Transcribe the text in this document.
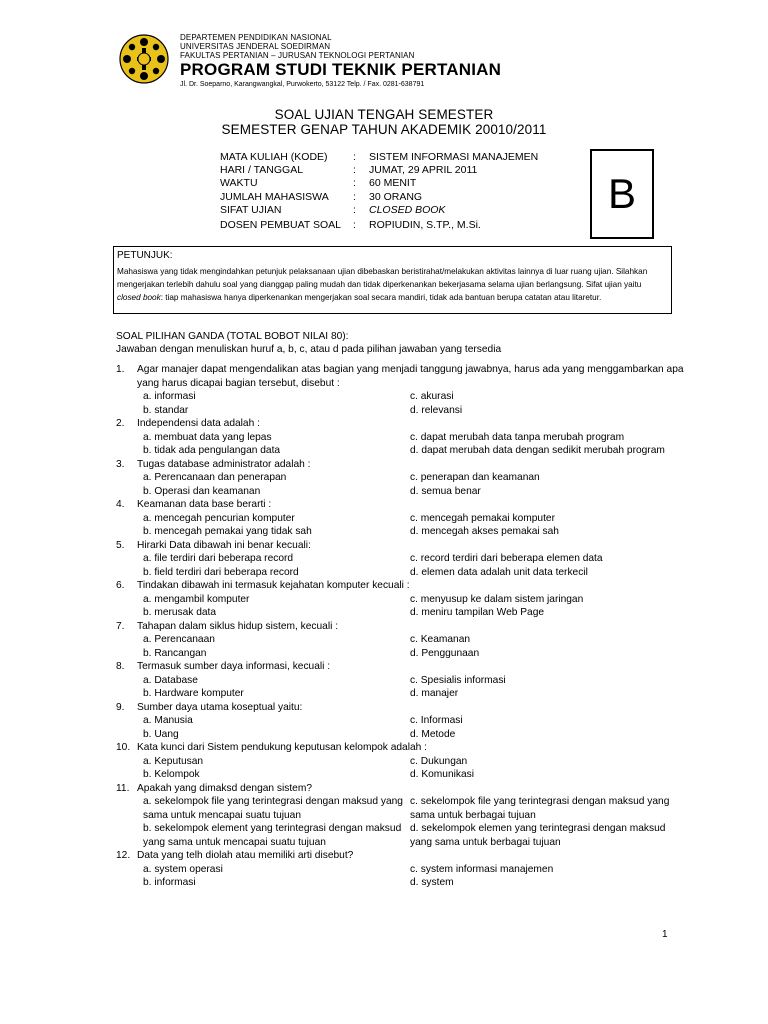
DEPARTEMEN PENDIDIKAN NASIONAL
UNIVERSITAS JENDERAL SOEDIRMAN
FAKULTAS PERTANIAN – JURUSAN TEKNOLOGI PERTANIAN
PROGRAM STUDI TEKNIK PERTANIAN
Jl. Dr. Soeparno, Karangwangkal, Purwokerto, 53122 Telp. / Fax. 0281-638791
SOAL UJIAN TENGAH SEMESTER
SEMESTER GENAP TAHUN AKADEMIK 20010/2011
MATA KULIAH (KODE) : SISTEM INFORMASI MANAJEMEN
HARI / TANGGAL	: JUMAT, 29 APRIL 2011
WAKTU	: 60 MENIT
JUMLAH MAHASISWA : 30 ORANG
SIFAT UJIAN	: CLOSED BOOK
DOSEN PEMBUAT SOAL : ROPIUDIN, S.TP., M.Si.
B
PETUNJUK:
Mahasiswa yang tidak mengindahkan petunjuk pelaksanaan ujian dibebaskan beristirahat/melakukan aktivitas lainnya di luar ruang ujian. Silahkan
mengerjakan terlebih dahulu soal yang dianggap paling mudah dan tidak diperkenankan bekerjasama selama ujian berlangsung. Sifat ujian yaitu
closed book: tiap mahasiswa hanya diperkenankan mengerjakan soal secara mandiri, tidak ada bantuan berupa catatan atau litaretur.
SOAL PILIHAN GANDA (TOTAL BOBOT NILAI 80):
Jawaban dengan menuliskan huruf a, b, c, atau d pada pilihan jawaban yang tersedia
1. Agar manajer dapat mengendalikan atas bagian yang menjadi tanggung jawabnya, harus ada yang menggambarkan apa
yang harus dicapai bagian tersebut, disebut :
a. informasi	c. akurasi
b. standar	d. relevansi
2. Independensi data adalah :
a. membuat data yang lepas	c. dapat merubah data tanpa merubah program
b. tidak ada pengulangan data	d. dapat merubah data dengan sedikit merubah program
3. Tugas database administrator adalah :
a. Perencanaan dan penerapan	c. penerapan dan keamanan
b. Operasi dan keamanan	d. semua benar
4. Keamanan data base berarti :
a. mencegah pencurian komputer	c. mencegah pemakai komputer
b. mencegah pemakai yang tidak sah	d. mencegah akses pemakai sah
5. Hirarki Data dibawah ini benar kecuali:
a. file terdiri dari beberapa record	c. record terdiri dari beberapa elemen data
b. field terdiri dari beberapa record	d. elemen data adalah unit data terkecil
6. Tindakan dibawah ini termasuk kejahatan komputer kecuali :
a. mengambil komputer	c. menyusup ke dalam sistem jaringan
b. merusak data	d. meniru tampilan Web Page
7. Tahapan dalam siklus hidup sistem, kecuali :
a. Perencanaan	c. Keamanan
b. Rancangan	d. Penggunaan
8. Termasuk sumber daya informasi, kecuali :
a. Database	c. Spesialis informasi
b. Hardware komputer	d. manajer
9. Sumber daya utama koseptual yaitu:
a. Manusia	c. Informasi
b. Uang	d. Metode
10. Kata kunci dari Sistem pendukung keputusan kelompok adalah :
a. Keputusan	c. Dukungan
b. Kelompok	d. Komunikasi
11. Apakah yang dimaksd dengan sistem?
a. sekelompok file yang terintegrasi dengan maksud yang c. sekelompok file yang terintegrasi dengan maksud yang
sama untuk mencapai suatu tujuan	sama untuk berbagai tujuan
b. sekelompok element yang terintegrasi dengan maksud d. sekelompok elemen yang terintegrasi dengan maksud
yang sama untuk mencapai suatu tujuan	yang sama untuk berbagai tujuan
12. Data yang telh diolah atau memiliki arti disebut?
a. system operasi	c. system informasi manajemen
b. informasi	d. system
1
